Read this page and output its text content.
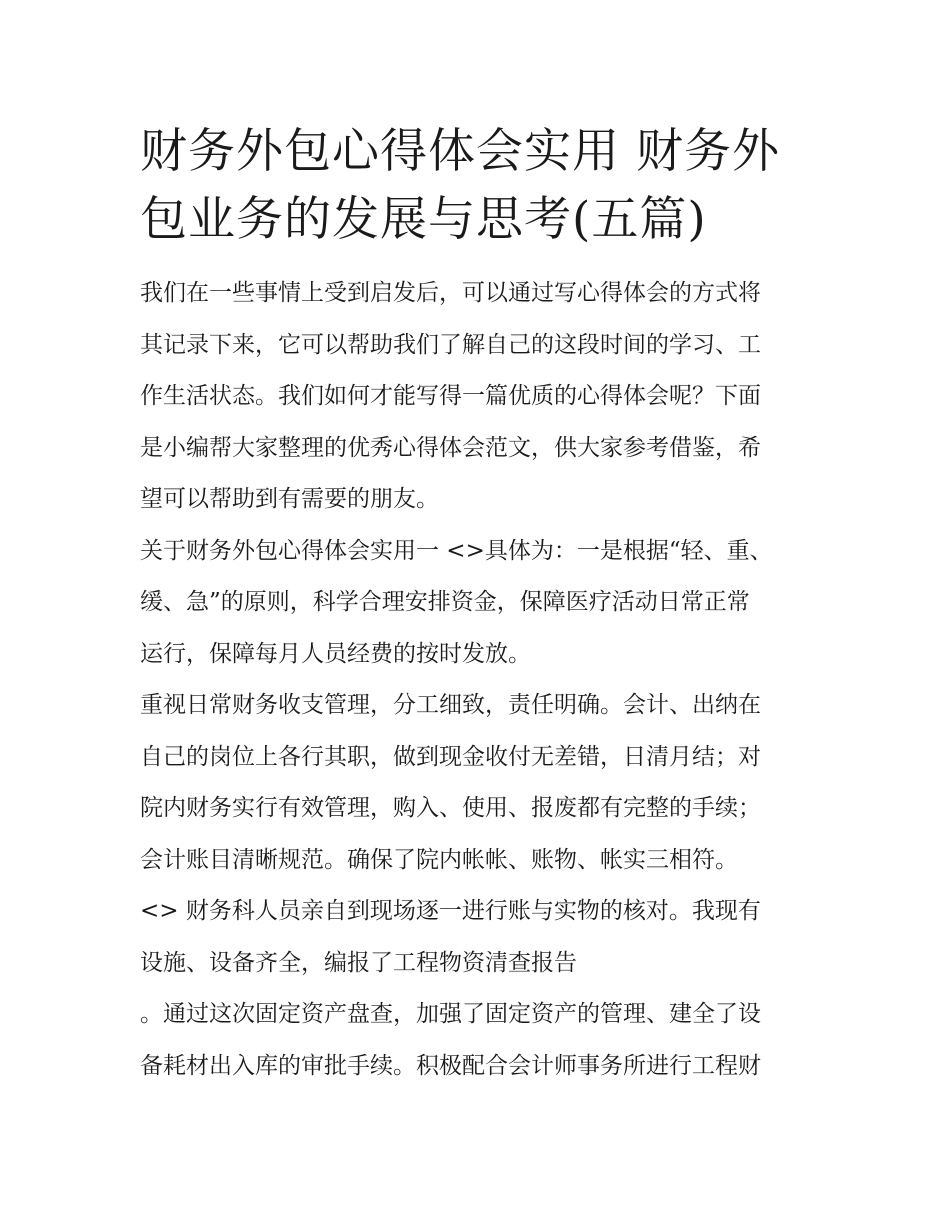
财务外包心得体会实用 财务外
包业务的发展与思考(五篇)
我们在一些事情上受到启发后，可以通过写心得体会的方式将
其记录下来，它可以帮助我们了解自己的这段时间的学习、工
作生活状态。我们如何才能写得一篇优质的心得体会呢？下面
是小编帮大家整理的优秀心得体会范文，供大家参考借鉴，希
望可以帮助到有需要的朋友。
关于财务外包心得体会实用一 <>具体为：一是根据“轻、重、
缓、急”的原则，科学合理安排资金，保障医疗活动日常正常
运行，保障每月人员经费的按时发放。
重视日常财务收支管理，分工细致，责任明确。会计、出纳在
自己的岗位上各行其职，做到现金收付无差错，日清月结；对
院内财务实行有效管理，购入、使用、报废都有完整的手续；
会计账目清晰规范。确保了院内帐帐、账物、帐实三相符。
<> 财务科人员亲自到现场逐一进行账与实物的核对。我现有
设施、设备齐全，编报了工程物资清查报告
。通过这次固定资产盘查，加强了固定资产的管理、建全了设
备耗材出入库的审批手续。积极配合会计师事务所进行工程财
